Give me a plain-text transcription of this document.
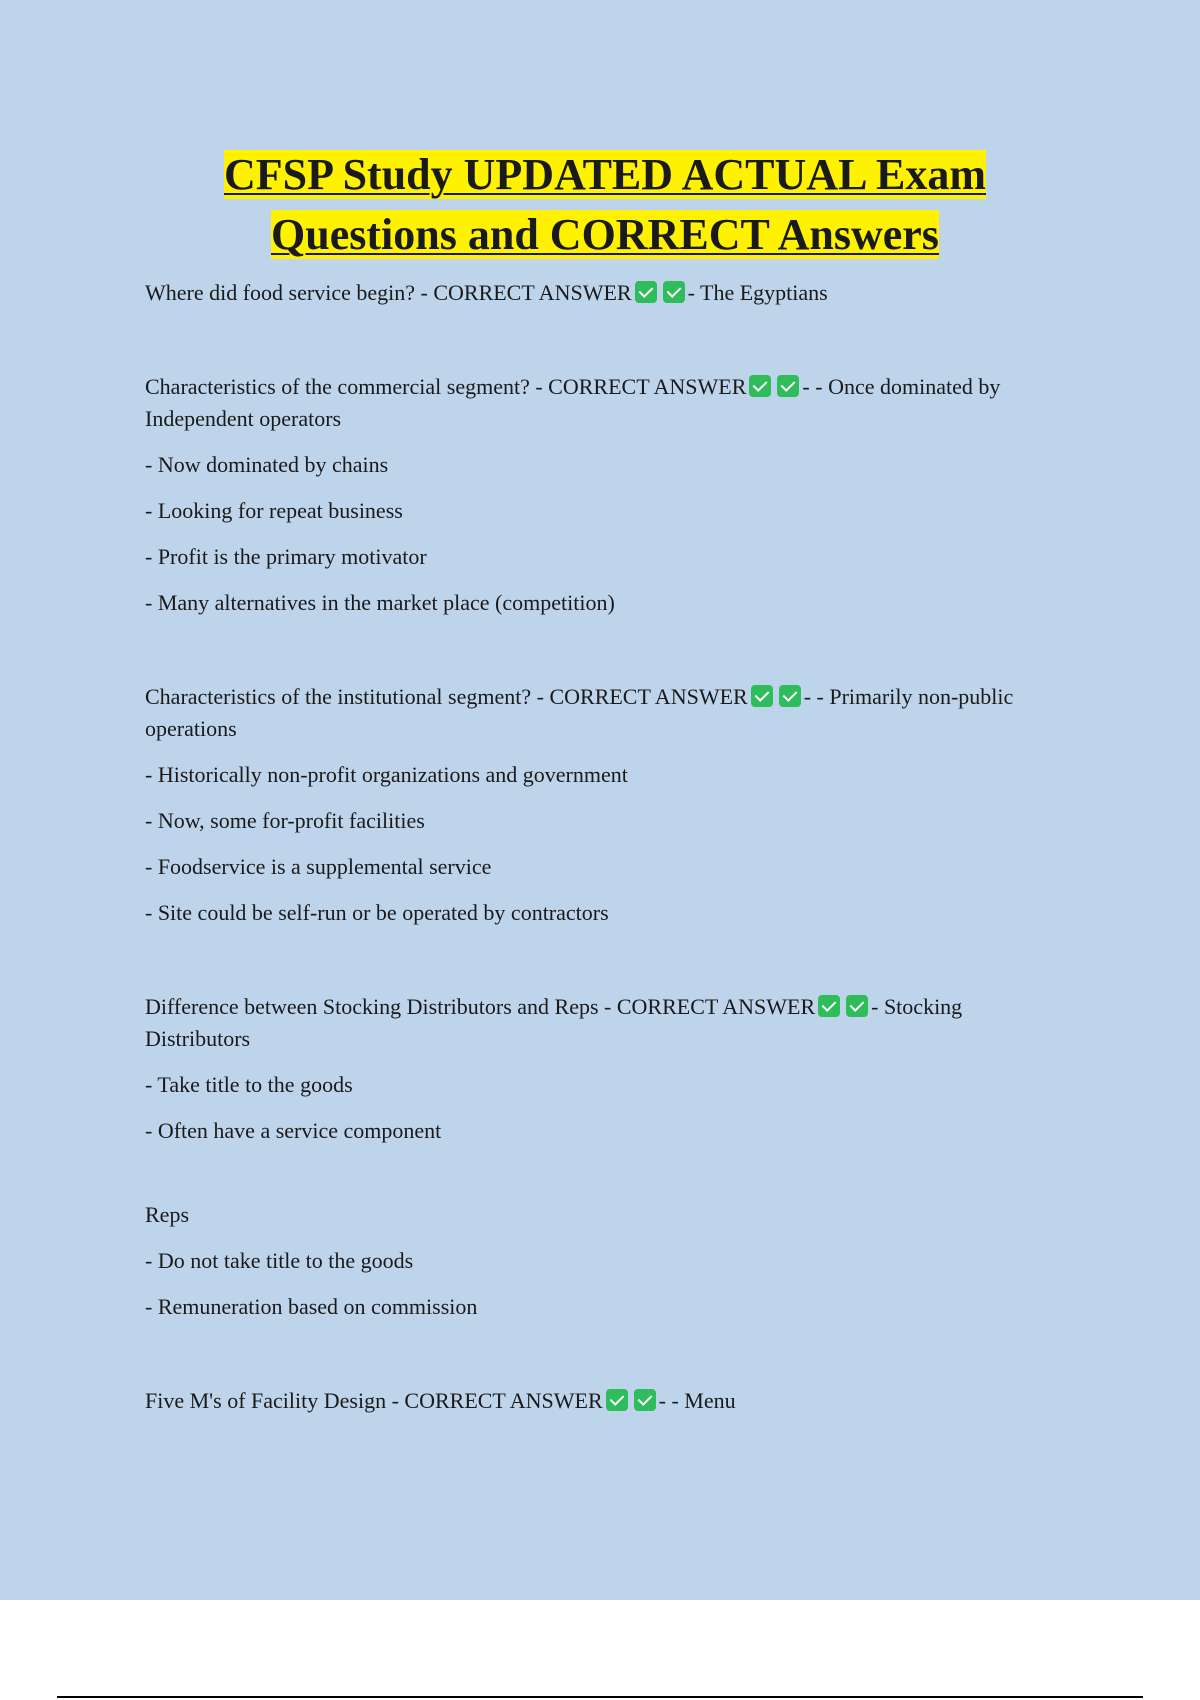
CFSP Study UPDATED ACTUAL Exam
Questions and CORRECT Answers

Where did food service begin? - CORRECT ANSWER	- The Egyptians

Characteristics of the commercial segment? - CORRECT ANSWER	- - Once dominated by Independent operators

- Now dominated by chains

- Looking for repeat business

- Profit is the primary motivator

- Many alternatives in the market place (competition)

Characteristics of the institutional segment? - CORRECT ANSWER	- - Primarily non-public operations

- Historically non-profit organizations and government

- Now, some for-profit facilities

- Foodservice is a supplemental service

- Site could be self-run or be operated by contractors

Difference between Stocking Distributors and Reps - CORRECT ANSWER	- Stocking Distributors

- Take title to the goods

- Often have a service component

Reps

- Do not take title to the goods

- Remuneration based on commission

Five M's of Facility Design - CORRECT ANSWER	- - Menu
